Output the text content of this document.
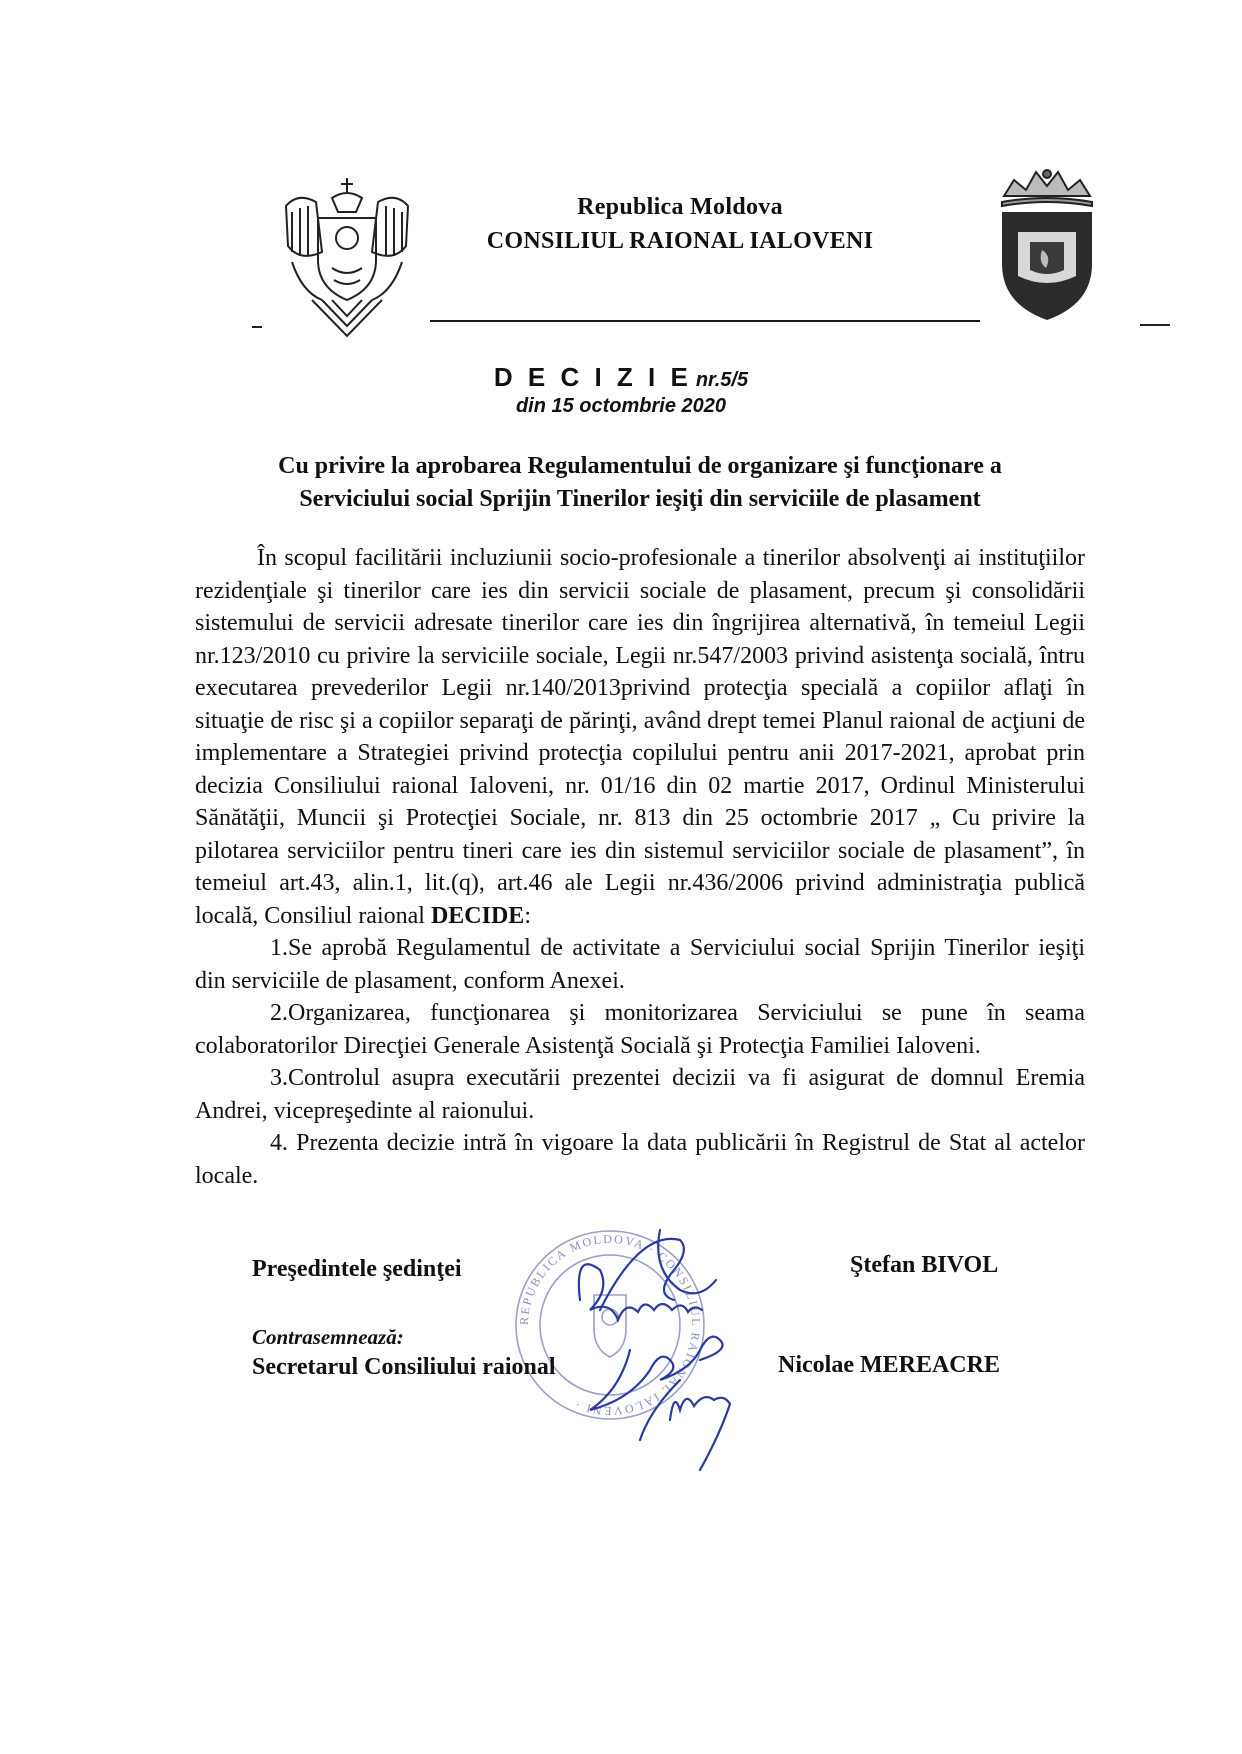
Republica Moldova
CONSILIUL RAIONAL IALOVENI
D E C I Z I E nr.5/5
din 15 octombrie 2020
Cu privire la aprobarea Regulamentului de organizare şi funcţionare a
Serviciului social Sprijin Tinerilor ieşiţi din serviciile de plasament

În scopul facilitării incluziunii socio-profesionale a tinerilor absolvenţi ai instituţiilor rezidenţiale şi tinerilor care ies din servicii sociale de plasament, precum şi consolidării sistemului de servicii adresate tinerilor care ies din îngrijirea alternativă, în temeiul Legii nr.123/2010 cu privire la serviciile sociale, Legii nr.547/2003 privind asistenţa socială, întru executarea prevederilor Legii nr.140/2013privind protecţia specială a copiilor aflaţi în situaţie de risc şi a copiilor separaţi de părinţi, având drept temei Planul raional de acţiuni de implementare a Strategiei privind protecţia copilului pentru anii 2017-2021, aprobat prin decizia Consiliului raional Ialoveni, nr. 01/16 din 02 martie 2017, Ordinul Ministerului Sănătăţii, Muncii şi Protecţiei Sociale, nr. 813 din 25 octombrie 2017 „ Cu privire la pilotarea serviciilor pentru tineri care ies din sistemul serviciilor sociale de plasament”, în temeiul art.43, alin.1, lit.(q), art.46 ale Legii nr.436/2006 privind administraţia publică locală, Consiliul raional DECIDE:

1.Se aprobă Regulamentul de activitate a Serviciului social Sprijin Tinerilor ieşiţi din serviciile de plasament, conform Anexei.

2.Organizarea, funcţionarea şi monitorizarea Serviciului se pune în seama colaboratorilor Direcţiei Generale Asistenţă Socială şi Protecţia Familiei Ialoveni.

3.Controlul asupra executării prezentei decizii va fi asigurat de domnul Eremia Andrei, vicepreşedinte al raionului.

4. Prezenta decizie intră în vigoare la data publicării în Registrul de Stat al actelor locale.

REPUBLICA MOLDOVA · CONSILIUL RAIONAL IALOVENI ·
Preşedintele şedinţei	Ştefan BIVOL
Contrasemnează:
Secretarul Consiliului raional	Nicolae MEREACRE
